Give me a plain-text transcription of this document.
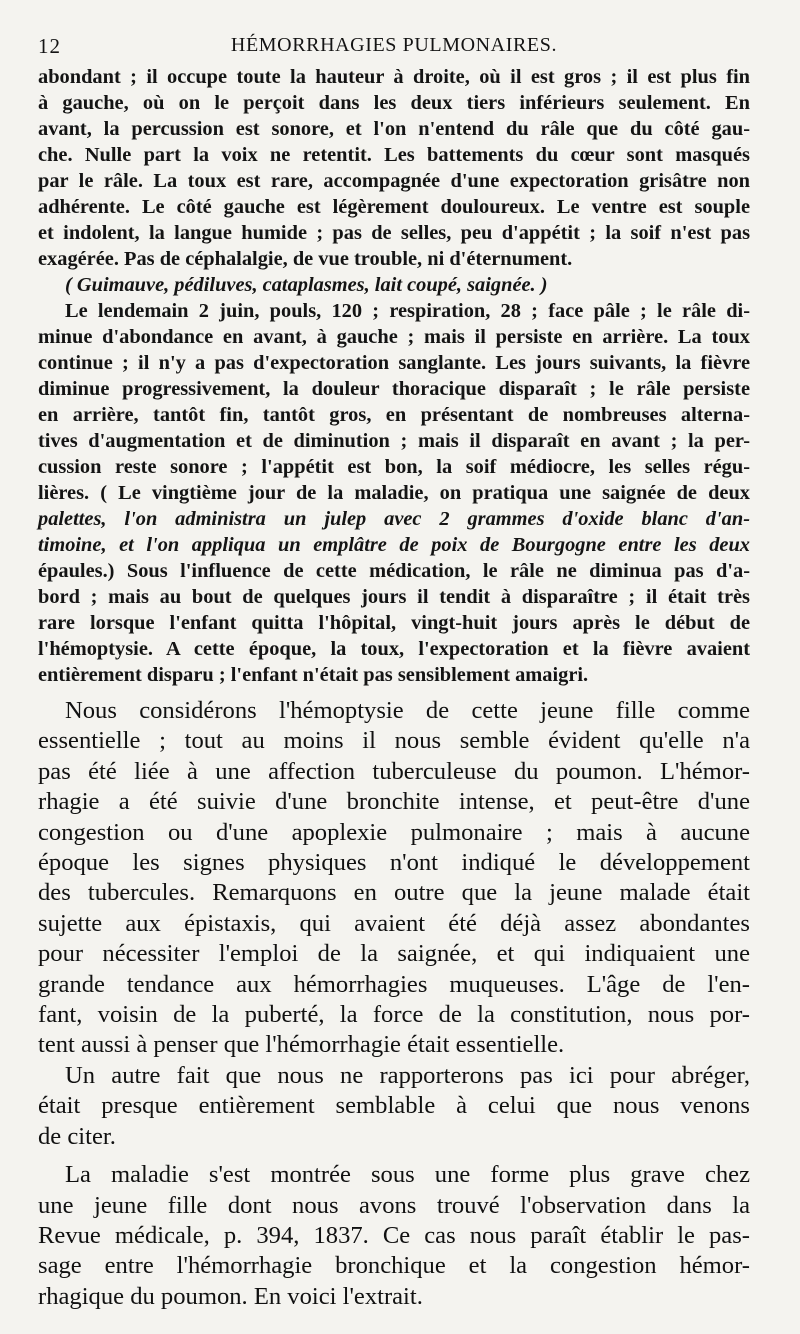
12	HÉMORRHAGIES PULMONAIRES.
abondant ; il occupe toute la hauteur à droite, où il est gros ; il est plus fin
à gauche, où on le perçoit dans les deux tiers inférieurs seulement. En
avant, la percussion est sonore, et l'on n'entend du râle que du côté gau-
che. Nulle part la voix ne retentit. Les battements du cœur sont masqués
par le râle. La toux est rare, accompagnée d'une expectoration grisâtre non
adhérente. Le côté gauche est légèrement douloureux. Le ventre est souple
et indolent, la langue humide ; pas de selles, peu d'appétit ; la soif n'est pas
exagérée. Pas de céphalalgie, de vue trouble, ni d'éternument.
( Guimauve, pédiluves, cataplasmes, lait coupé, saignée. )
Le lendemain 2 juin, pouls, 120 ; respiration, 28 ; face pâle ; le râle di-
minue d'abondance en avant, à gauche ; mais il persiste en arrière. La toux
continue ; il n'y a pas d'expectoration sanglante. Les jours suivants, la fièvre
diminue progressivement, la douleur thoracique disparaît ; le râle persiste
en arrière, tantôt fin, tantôt gros, en présentant de nombreuses alterna-
tives d'augmentation et de diminution ; mais il disparaît en avant ; la per-
cussion reste sonore ; l'appétit est bon, la soif médiocre, les selles régu-
lières. ( Le vingtième jour de la maladie, on pratiqua une saignée de deux
palettes, l'on administra un julep avec 2 grammes d'oxide blanc d'an-
timoine, et l'on appliqua un emplâtre de poix de Bourgogne entre les deux
épaules.) Sous l'influence de cette médication, le râle ne diminua pas d'a-
bord ; mais au bout de quelques jours il tendit à disparaître ; il était très
rare lorsque l'enfant quitta l'hôpital, vingt-huit jours après le début de
l'hémoptysie. A cette époque, la toux, l'expectoration et la fièvre avaient
entièrement disparu ; l'enfant n'était pas sensiblement amaigri.
Nous considérons l'hémoptysie de cette jeune fille comme
essentielle ; tout au moins il nous semble évident qu'elle n'a
pas été liée à une affection tuberculeuse du poumon. L'hémor-
rhagie a été suivie d'une bronchite intense, et peut-être d'une
congestion ou d'une apoplexie pulmonaire ; mais à aucune
époque les signes physiques n'ont indiqué le développement
des tubercules. Remarquons en outre que la jeune malade était
sujette aux épistaxis, qui avaient été déjà assez abondantes
pour nécessiter l'emploi de la saignée, et qui indiquaient une
grande tendance aux hémorrhagies muqueuses. L'âge de l'en-
fant, voisin de la puberté, la force de la constitution, nous por-
tent aussi à penser que l'hémorrhagie était essentielle.
Un autre fait que nous ne rapporterons pas ici pour abréger,
était presque entièrement semblable à celui que nous venons
de citer.
La maladie s'est montrée sous une forme plus grave chez
une jeune fille dont nous avons trouvé l'observation dans la
Revue médicale, p. 394, 1837. Ce cas nous paraît établir le pas-
sage entre l'hémorrhagie bronchique et la congestion hémor-
rhagique du poumon. En voici l'extrait.
